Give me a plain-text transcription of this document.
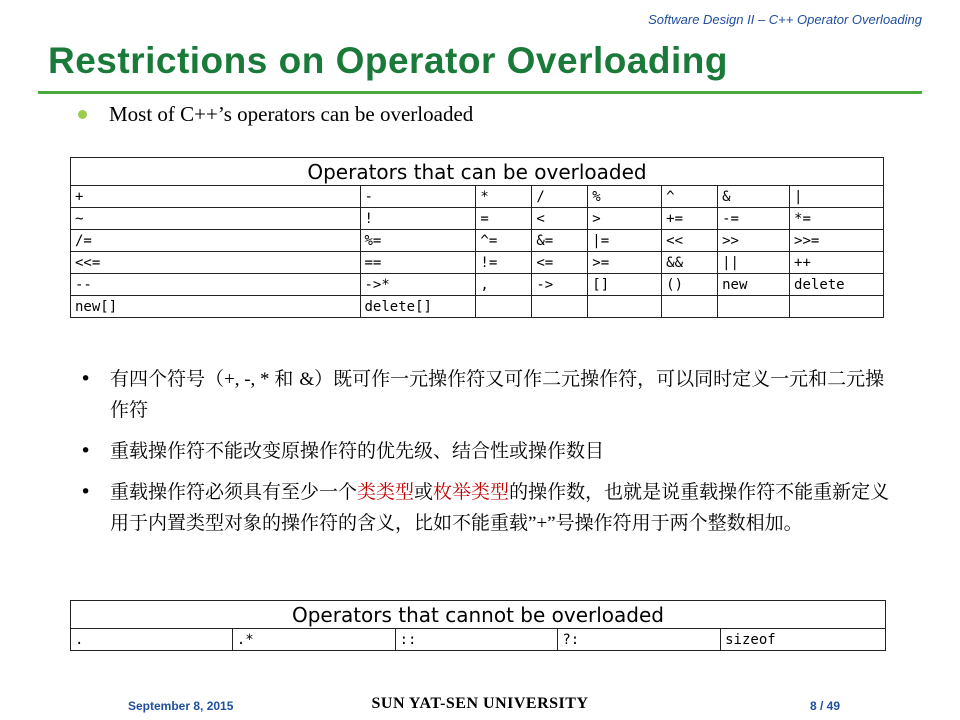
Software Design II – C++ Operator Overloading
Restrictions on Operator Overloading
Most of C++’s operators can be overloaded
Operators that can be overloaded							
+	-	*	/	%	^	&	|
~	!	=	<	>	+=	-=	*=
/=	%=	^=	&=	|=	<<	>>	>>=
<<=	==	!=	<=	>=	&&	||	++
--	->*	,	->	[]	()	new	delete
new[]	delete[]						
• 有四个符号（+, -, * 和 &）既可作一元操作符又可作二元操作符，可以同时定义一元和二元操作符
• 重载操作符不能改变原操作符的优先级、结合性或操作数目
• 重载操作符必须具有至少一个类类型或枚举类型的操作数，也就是说重载操作符不能重新定义用于内置类型对象的操作符的含义，比如不能重载”+”号操作符用于两个整数相加。
Operators that cannot be overloaded
.	.*	::	?:	sizeof
September 8, 2015	SUN YAT-SEN UNIVERSITY	8 / 49
